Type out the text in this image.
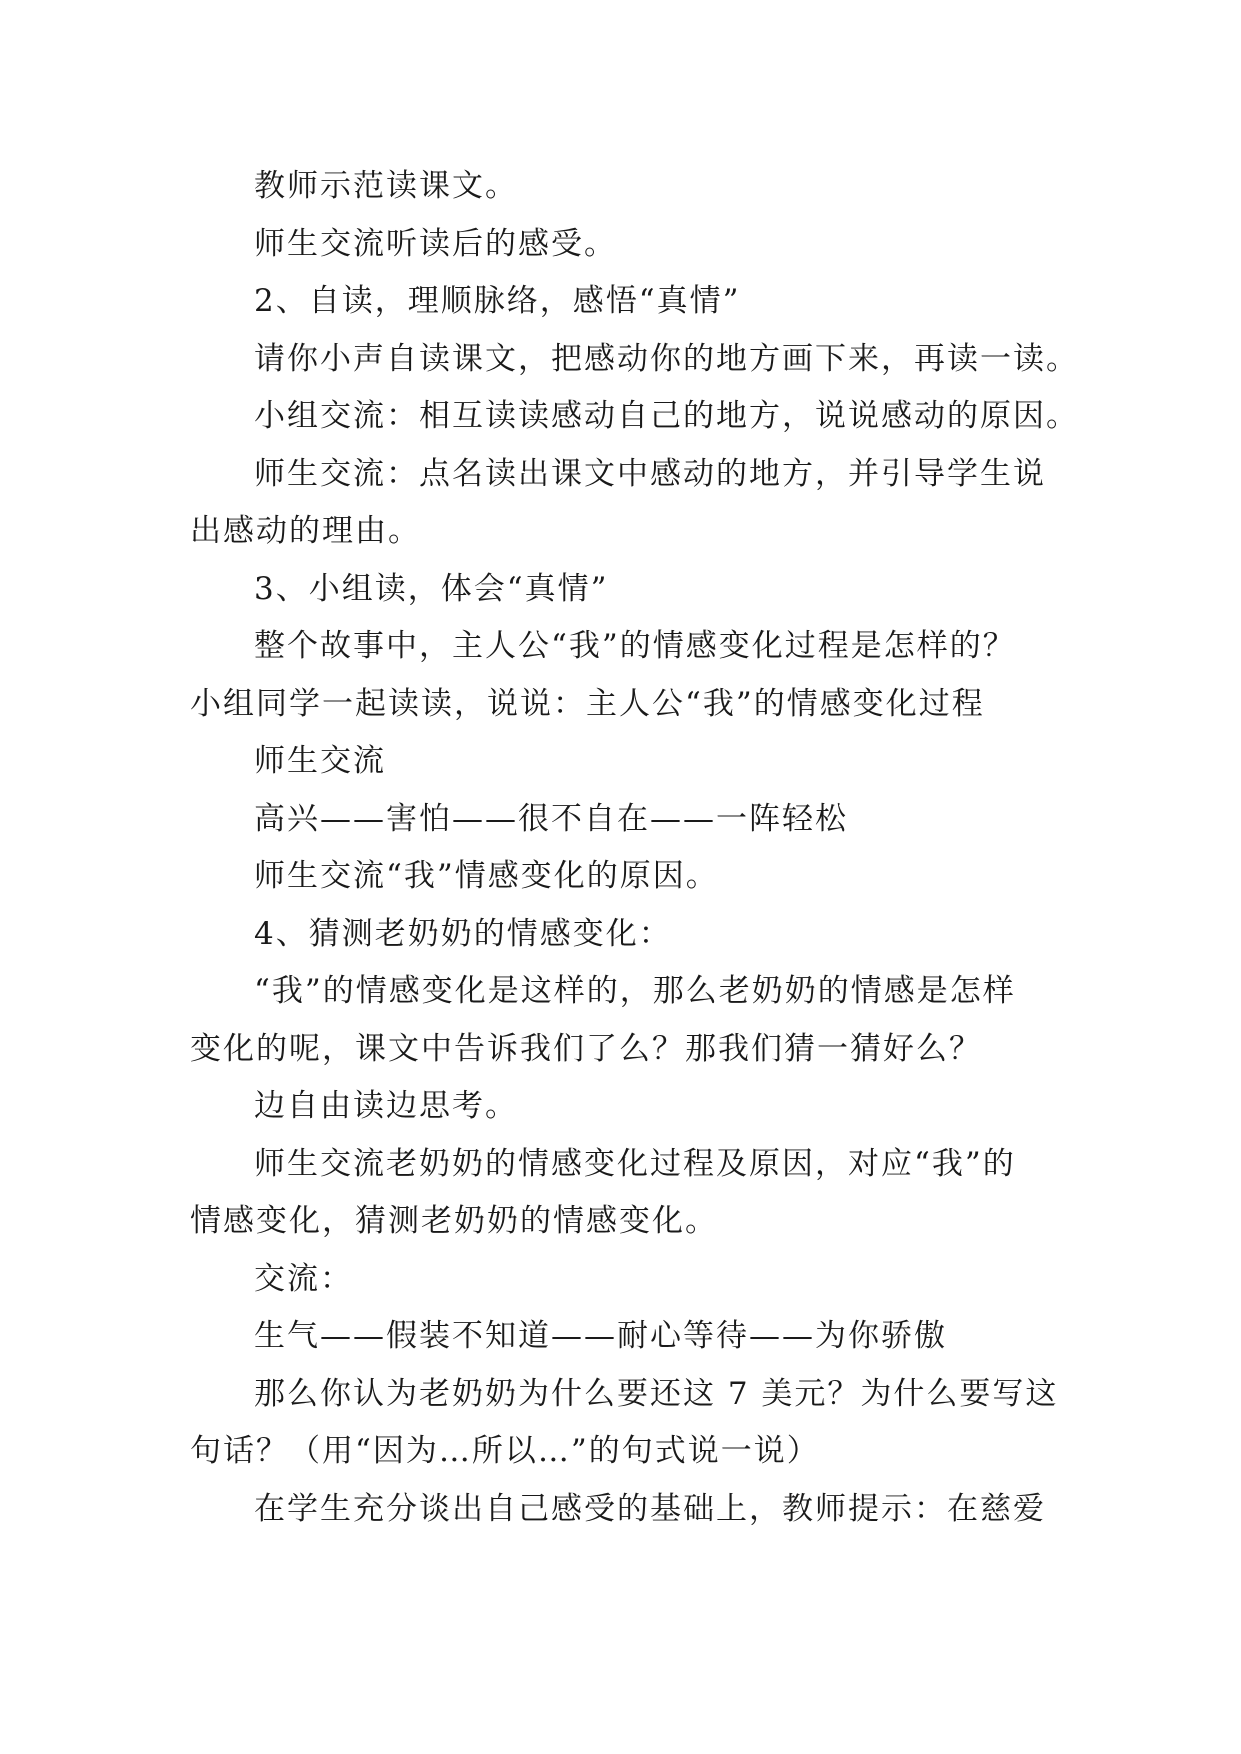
教师示范读课文。
师生交流听读后的感受。
2、自读，理顺脉络，感悟“真情”
请你小声自读课文，把感动你的地方画下来，再读一读。
小组交流：相互读读感动自己的地方，说说感动的原因。
师生交流：点名读出课文中感动的地方，并引导学生说
出感动的理由。
3、小组读，体会“真情”
整个故事中，主人公“我”的情感变化过程是怎样的？
小组同学一起读读，说说：主人公“我”的情感变化过程
师生交流
高兴——害怕——很不自在——一阵轻松
师生交流“我”情感变化的原因。
4、猜测老奶奶的情感变化：
“我”的情感变化是这样的，那么老奶奶的情感是怎样
变化的呢，课文中告诉我们了么？那我们猜一猜好么？
边自由读边思考。
师生交流老奶奶的情感变化过程及原因，对应“我”的
情感变化，猜测老奶奶的情感变化。
交流：
生气——假装不知道——耐心等待——为你骄傲
那么你认为老奶奶为什么要还这 7 美元？为什么要写这
句话？（用“因为…所以…”的句式说一说）
在学生充分谈出自己感受的基础上，教师提示：在慈爱
